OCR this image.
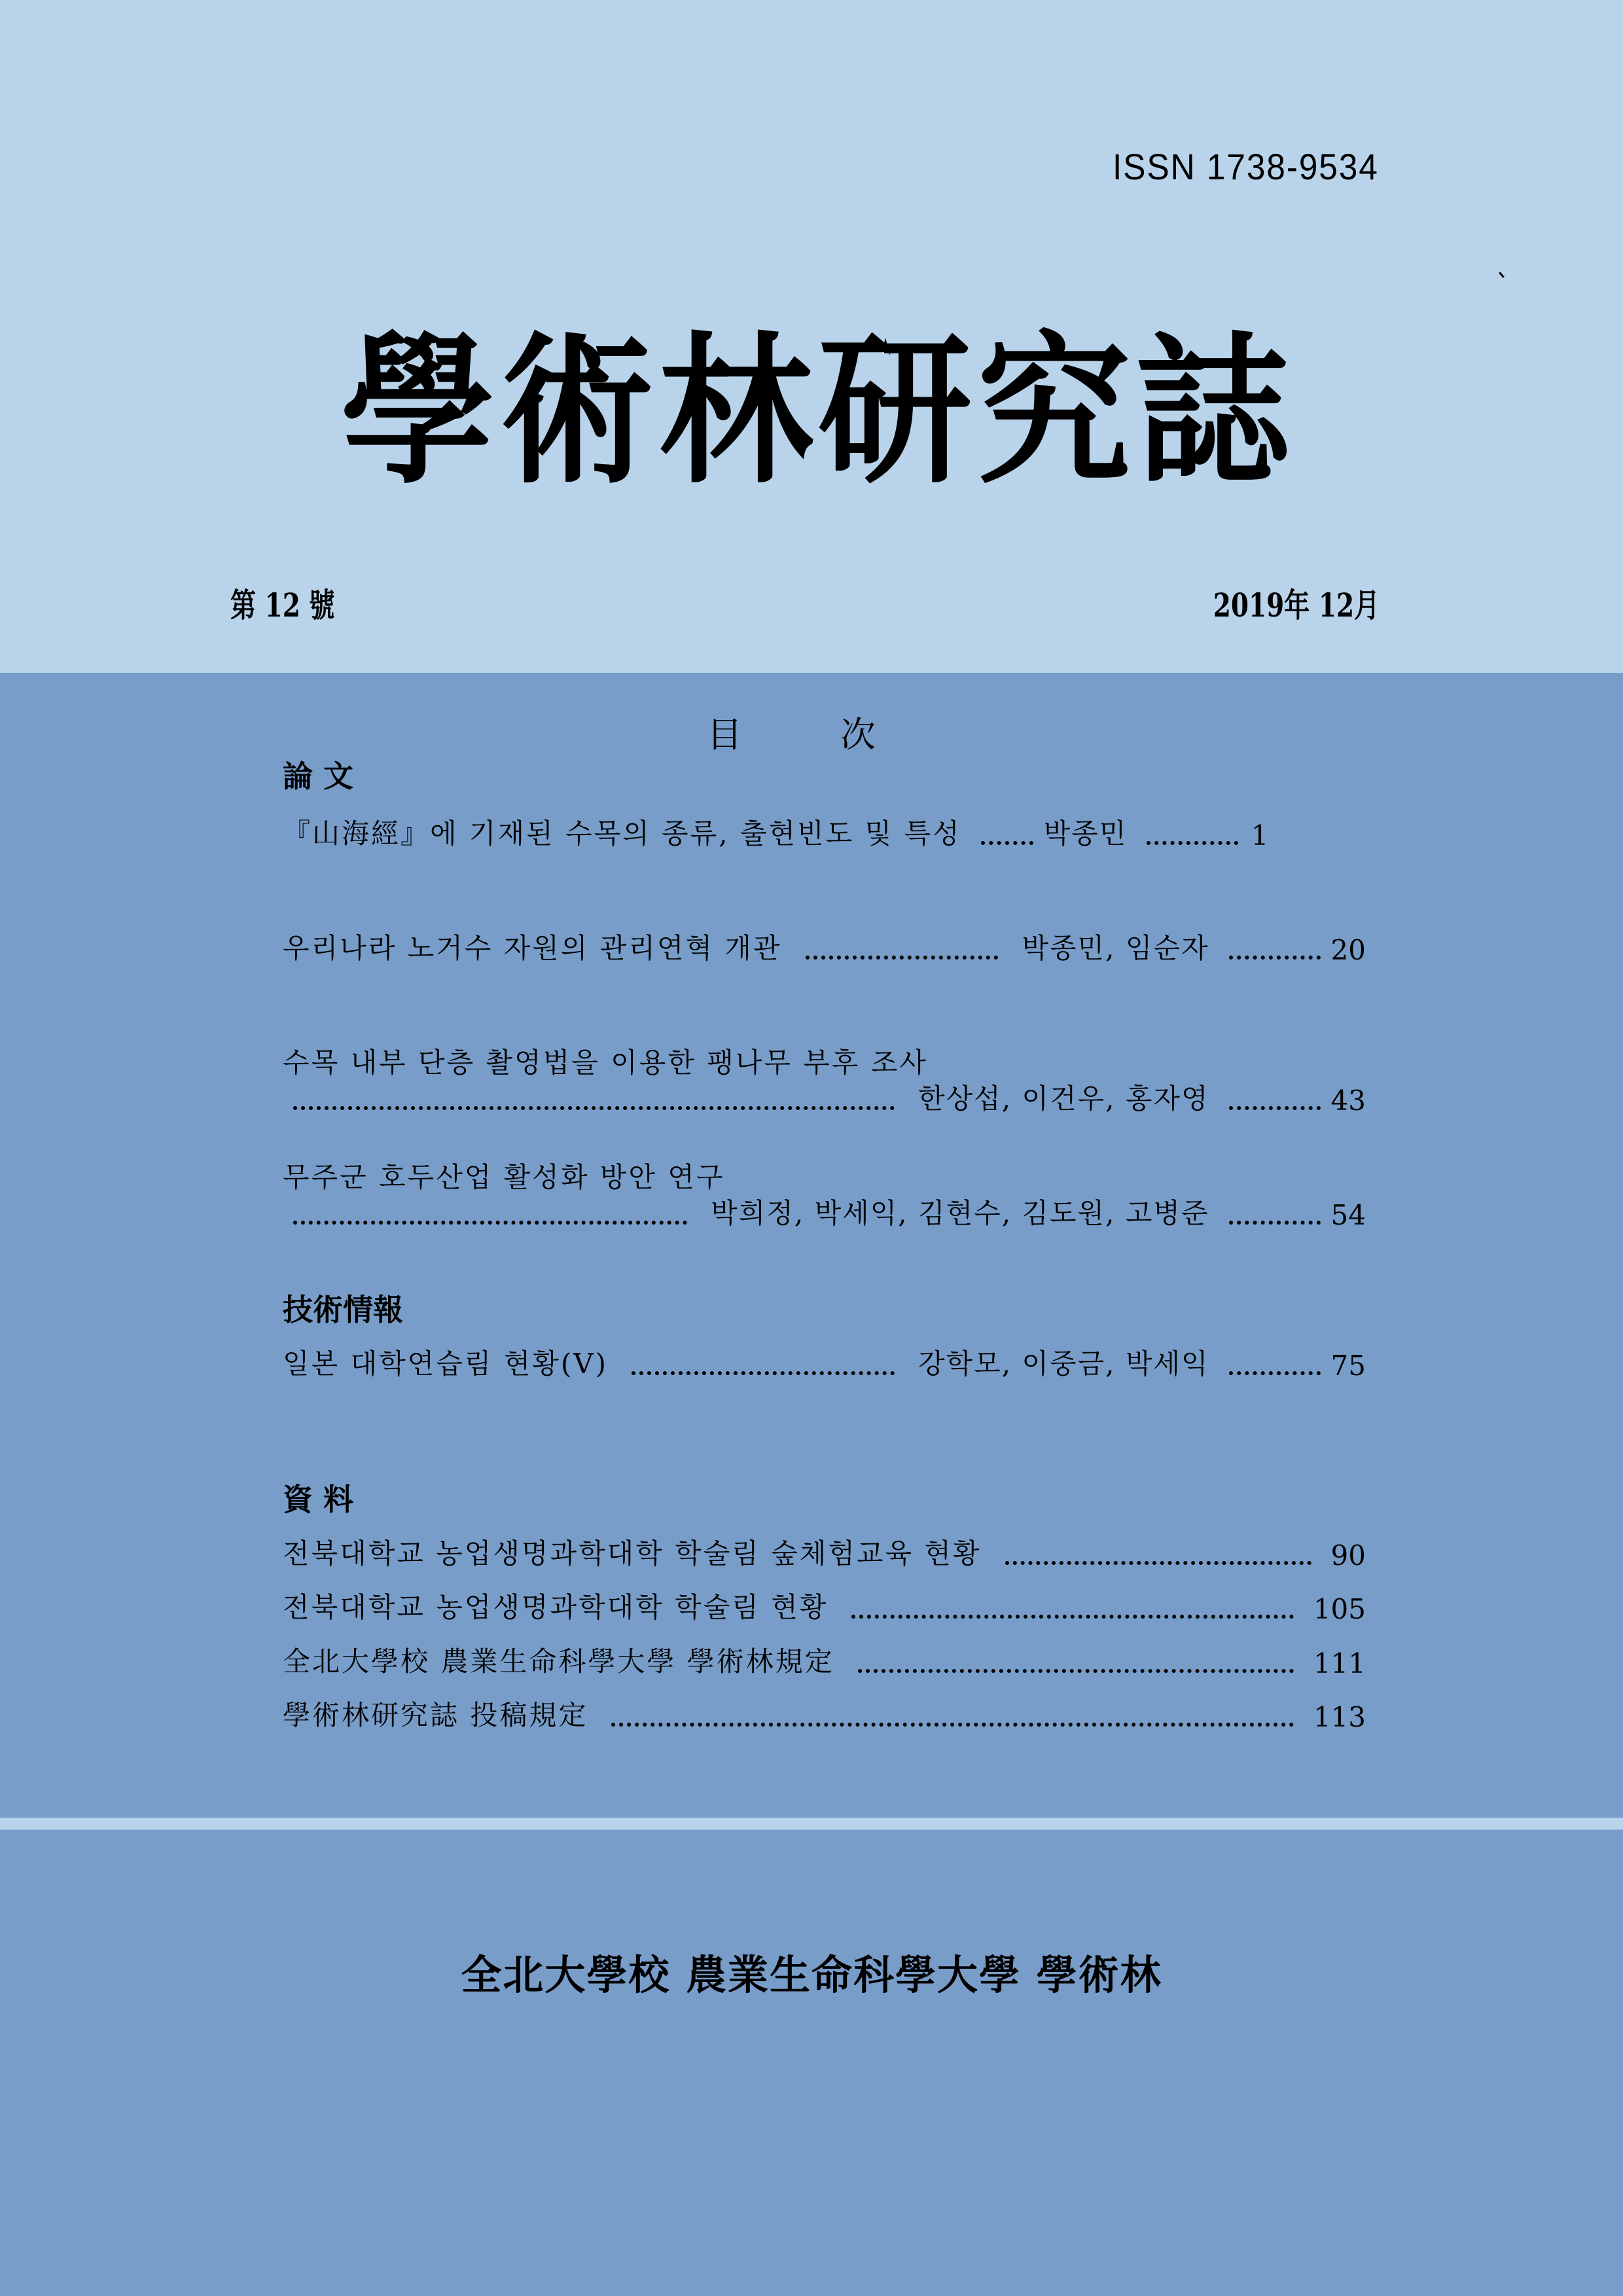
ISSN 1738-9534
學術林研究誌
第 12 號	2019年 12月
目	次
論 文
『山海經』에 기재된 수목의 종류, 출현빈도 및 특성	박종민	1
우리나라 노거수 자원의 관리연혁 개관	박종민, 임순자	20
수목 내부 단층 촬영법을 이용한 팽나무 부후 조사
한상섭, 이건우, 홍자영	43
무주군 호두산업 활성화 방안 연구
박희정, 박세익, 김현수, 김도원, 고병준	54
技術情報
일본 대학연습림 현황(Ⅴ)	강학모, 이중금, 박세익	75
資 料
전북대학교 농업생명과학대학 학술림 숲체험교육 현황	90
전북대학교 농업생명과학대학 학술림 현황	105
全北大學校 農業生命科學大學 學術林規定	111
學術林研究誌 投稿規定	113
全北大學校 農業生命科學大學 學術林
